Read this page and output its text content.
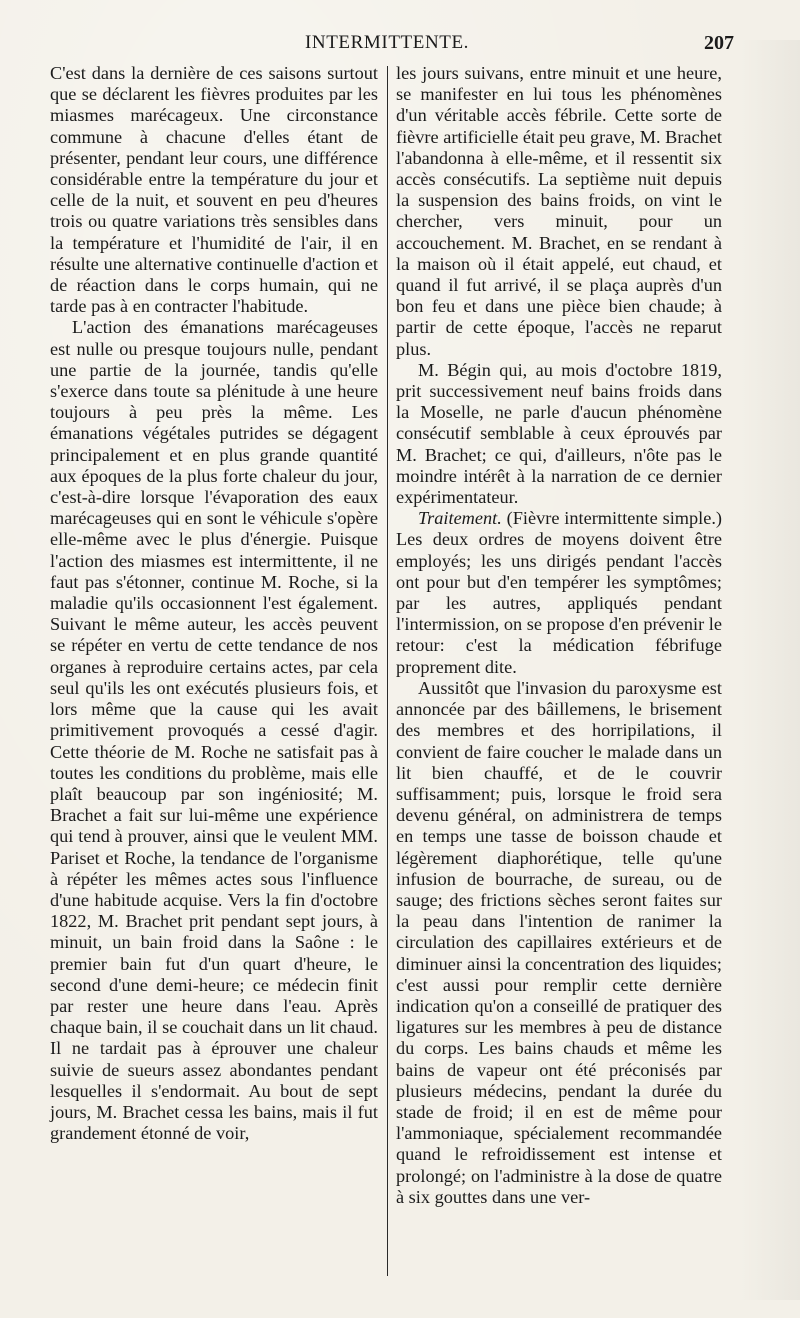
INTERMITTENTE.	207

C'est dans la dernière de ces saisons surtout que se déclarent les fièvres produites par les miasmes marécageux. Une circonstance commune à chacune d'elles étant de présenter, pendant leur cours, une différence considérable entre la température du jour et celle de la nuit, et souvent en peu d'heures trois ou quatre variations très sensibles dans la température et l'humidité de l'air, il en résulte une alternative continuelle d'action et de réaction dans le corps humain, qui ne tarde pas à en contracter l'habitude.

L'action des émanations marécageuses est nulle ou presque toujours nulle, pendant une partie de la journée, tandis qu'elle s'exerce dans toute sa plénitude à une heure toujours à peu près la même. Les émanations végétales putrides se dégagent principalement et en plus grande quantité aux époques de la plus forte chaleur du jour, c'est-à-dire lorsque l'évaporation des eaux marécageuses qui en sont le véhicule s'opère elle-même avec le plus d'énergie. Puisque l'action des miasmes est intermittente, il ne faut pas s'étonner, continue M. Roche, si la maladie qu'ils occasionnent l'est également. Suivant le même auteur, les accès peuvent se répéter en vertu de cette tendance de nos organes à reproduire certains actes, par cela seul qu'ils les ont exécutés plusieurs fois, et lors même que la cause qui les avait primitivement provoqués a cessé d'agir. Cette théorie de M. Roche ne satisfait pas à toutes les conditions du problème, mais elle plaît beaucoup par son ingéniosité; M. Brachet a fait sur lui-même une expérience qui tend à prouver, ainsi que le veulent MM. Pariset et Roche, la tendance de l'organisme à répéter les mêmes actes sous l'influence d'une habitude acquise. Vers la fin d'octobre 1822, M. Brachet prit pendant sept jours, à minuit, un bain froid dans la Saône : le premier bain fut d'un quart d'heure, le second d'une demi-heure; ce médecin finit par rester une heure dans l'eau. Après chaque bain, il se couchait dans un lit chaud. Il ne tardait pas à éprouver une chaleur suivie de sueurs assez abondantes pendant lesquelles il s'endormait. Au bout de sept jours, M. Brachet cessa les bains, mais il fut grandement étonné de voir,

les jours suivans, entre minuit et une heure, se manifester en lui tous les phénomènes d'un véritable accès fébrile. Cette sorte de fièvre artificielle était peu grave, M. Brachet l'abandonna à elle-même, et il ressentit six accès consécutifs. La septième nuit depuis la suspension des bains froids, on vint le chercher, vers minuit, pour un accouchement. M. Brachet, en se rendant à la maison où il était appelé, eut chaud, et quand il fut arrivé, il se plaça auprès d'un bon feu et dans une pièce bien chaude; à partir de cette époque, l'accès ne reparut plus.

M. Bégin qui, au mois d'octobre 1819, prit successivement neuf bains froids dans la Moselle, ne parle d'aucun phénomène consécutif semblable à ceux éprouvés par M. Brachet; ce qui, d'ailleurs, n'ôte pas le moindre intérêt à la narration de ce dernier expérimentateur.

Traitement. (Fièvre intermittente simple.) Les deux ordres de moyens doivent être employés; les uns dirigés pendant l'accès ont pour but d'en tempérer les symptômes; par les autres, appliqués pendant l'intermission, on se propose d'en prévenir le retour: c'est la médication fébrifuge proprement dite.

Aussitôt que l'invasion du paroxysme est annoncée par des bâillemens, le brisement des membres et des horripilations, il convient de faire coucher le malade dans un lit bien chauffé, et de le couvrir suffisamment; puis, lorsque le froid sera devenu général, on administrera de temps en temps une tasse de boisson chaude et légèrement diaphorétique, telle qu'une infusion de bourrache, de sureau, ou de sauge; des frictions sèches seront faites sur la peau dans l'intention de ranimer la circulation des capillaires extérieurs et de diminuer ainsi la concentration des liquides; c'est aussi pour remplir cette dernière indication qu'on a conseillé de pratiquer des ligatures sur les membres à peu de distance du corps. Les bains chauds et même les bains de vapeur ont été préconisés par plusieurs médecins, pendant la durée du stade de froid; il en est de même pour l'ammoniaque, spécialement recommandée quand le refroidissement est intense et prolongé; on l'administre à la dose de quatre à six gouttes dans une ver-
